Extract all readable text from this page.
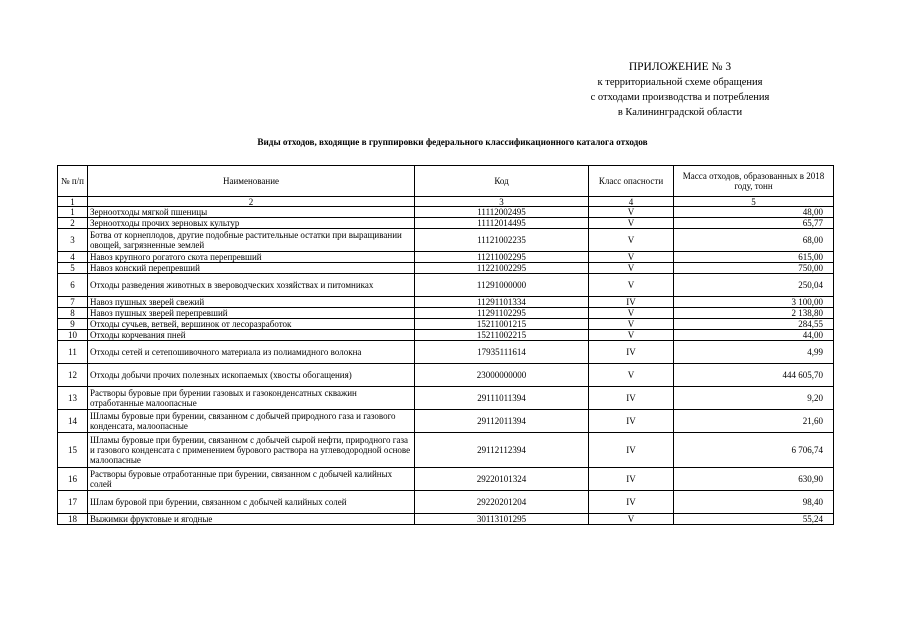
ПРИЛОЖЕНИЕ № 3
к территориальной схеме обращения
с отходами производства и потребления
в Калининградской области
Виды отходов, входящие в группировки федерального классификационного каталога отходов
№ п/п	Наименование	Код	Класс опасности	Масса отходов, образованных в 2018 году, тонн
1	2	3	4	5
1	Зерноотходы мягкой пшеницы	11112002495	V	48,00
2	Зерноотходы прочих зерновых культур	11112014495	V	65,77
3	Ботва от корнеплодов, другие подобные растительные остатки при выращивании овощей, загрязненные землей	11121002235	V	68,00
4	Навоз крупного рогатого скота перепревший	11211002295	V	615,00
5	Навоз конский перепревший	11221002295	V	750,00
6	Отходы разведения животных в звероводческих хозяйствах и питомниках	11291000000	V	250,04
7	Навоз пушных зверей свежий	11291101334	IV	3 100,00
8	Навоз пушных зверей перепревший	11291102295	V	2 138,80
9	Отходы сучьев, ветвей, вершинок от лесоразработок	15211001215	V	284,55
10	Отходы корчевания пней	15211002215	V	44,00
11	Отходы сетей и сетепошивочного материала из полиамидного волокна	17935111614	IV	4,99
12	Отходы добычи прочих полезных ископаемых (хвосты обогащения)	23000000000	V	444 605,70
13	Растворы буровые при бурении газовых и газоконденсатных скважин отработанные малоопасные	29111011394	IV	9,20
14	Шламы буровые при бурении, связанном с добычей природного газа и газового конденсата, малоопасные	29112011394	IV	21,60
15	Шламы буровые при бурении, связанном с добычей сырой нефти, природного газа и газового конденсата с применением бурового раствора на углеводородной основе малоопасные	29112112394	IV	6 706,74
16	Растворы буровые отработанные при бурении, связанном с добычей калийных солей	29220101324	IV	630,90
17	Шлам буровой при бурении, связанном с добычей калийных солей	29220201204	IV	98,40
18	Выжимки фруктовые и ягодные	30113101295	V	55,24
